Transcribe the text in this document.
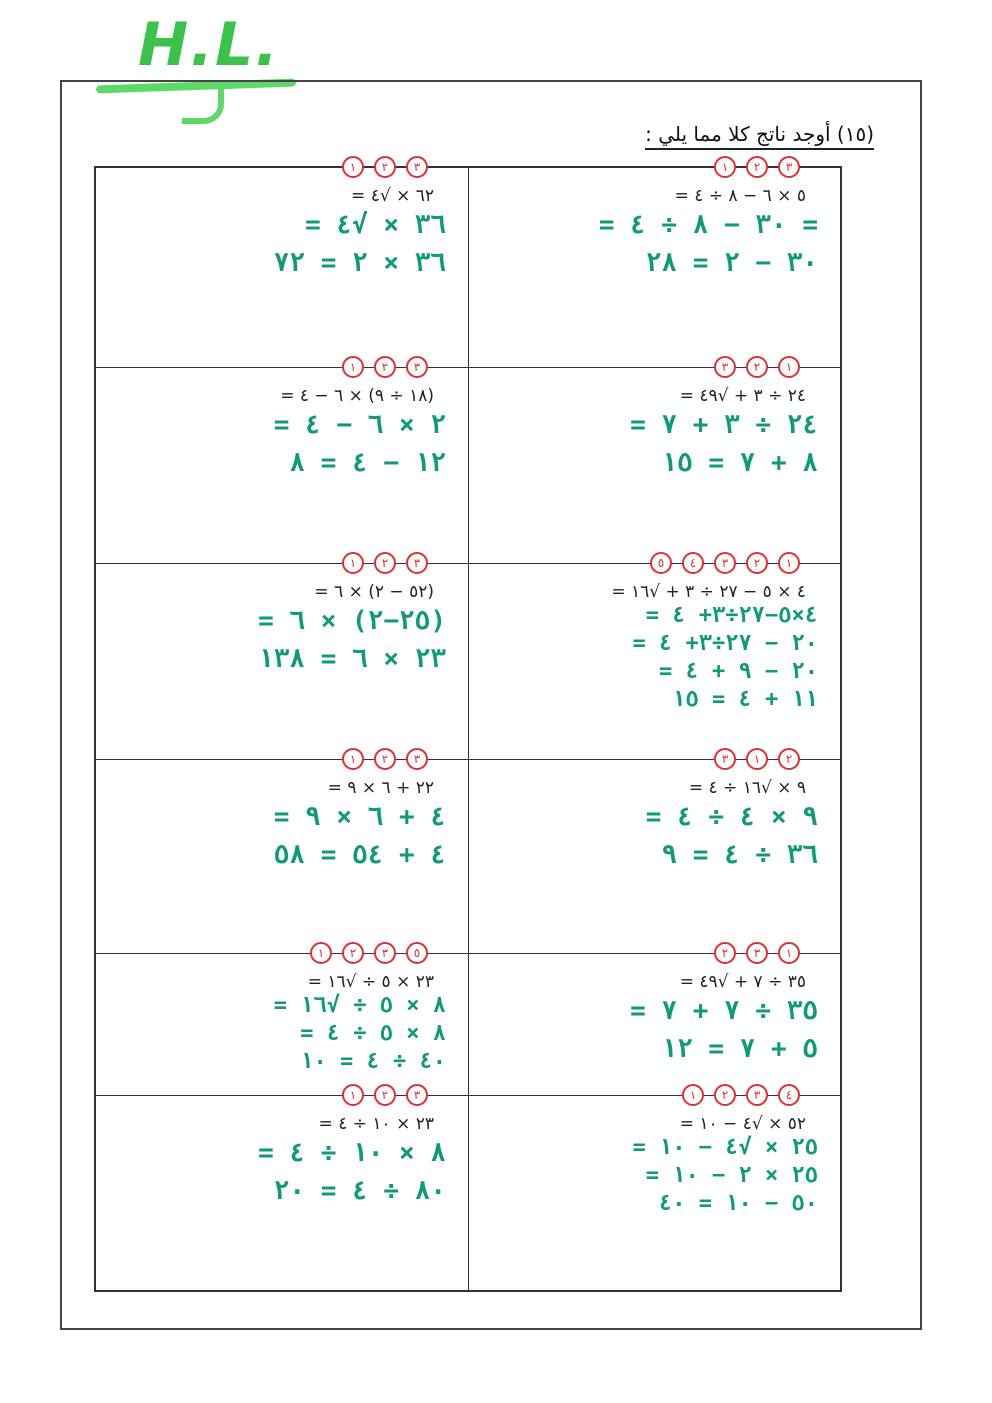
H.L.
(١٥) أوجد ناتج كلا مما يلي :
١	٢	٣
٦٢ × √٤ =
٣٦ × √٤ =
٣٦ × ٢ = ٧٢
١	٢	٣
٥ × ٦ − ٨ ÷ ٤ =
= ٣٠ − ٨ ÷ ٤ =
٣٠ − ٢ = ٢٨
١	٢	٣
(١٨ ÷ ٩) × ٦ − ٤ =
٢ × ٦ − ٤ =
١٢ − ٤ = ٨
٣	٢	١
٢٤ ÷ ٣ + √٤٩ =
٢٤ ÷ ٣ + ٧ =
٨ + ٧ = ١٥
١	٢	٣
(٥٢ − ٢) × ٦ =
(٢٥−٢) × ٦ =
٢٣ × ٦ = ١٣٨
٥	٤	٣	٢	١
٤ × ٥ − ٢٧ ÷ ٣ + √١٦ =
٤×٥−٢٧÷٣+ ٤ =
٢٠ − ٢٧÷٣+ ٤ =
٢٠ − ٩ + ٤ =
١١ + ٤ = ١٥
١	٢	٣
٢٢ + ٦ × ٩ =
٤ + ٦ × ٩ =
٤ + ٥٤ = ٥٨
٣	١	٢
٩ × √١٦ ÷ ٤ =
٩ × ٤ ÷ ٤ =
٣٦ ÷ ٤ = ٩
١	٢	٣	٥
٢٣ × ٥ ÷ √١٦ =
٨ × ٥ ÷ √١٦ =
٨ × ٥ ÷ ٤ =
٤٠ ÷ ٤ = ١٠
٢	٣	١
٣٥ ÷ ٧ + √٤٩ =
٣٥ ÷ ٧ + ٧ =
٥ + ٧ = ١٢
١	٢	٣
٢٣ × ١٠ ÷ ٤ =
٨ × ١٠ ÷ ٤ =
٨٠ ÷ ٤ = ٢٠
١	٢	٣	٤
٥٢ × √٤ − ١٠ =
٢٥ × √٤ − ١٠ =
٢٥ × ٢ − ١٠ =
٥٠ − ١٠ = ٤٠
